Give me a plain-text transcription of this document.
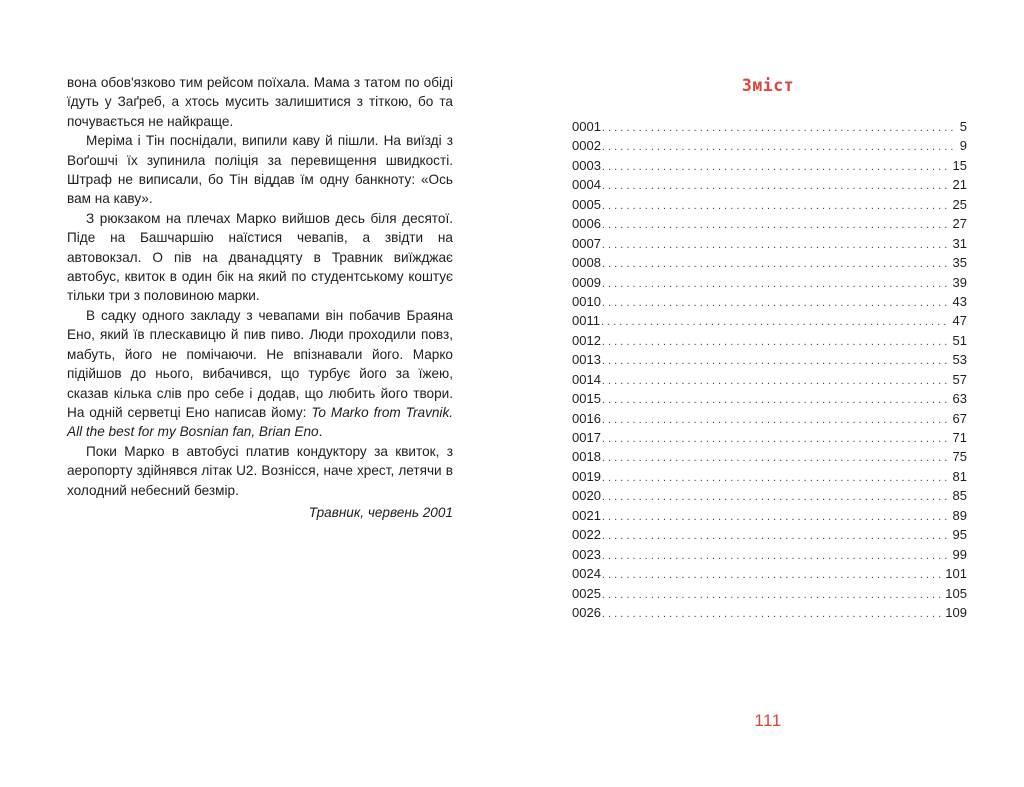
вона обов'язково тим рейсом поїхала. Мама з татом по обіді їдуть у Заґреб, а хтось мусить залишитися з тіткою, бо та почувається не найкраще.

Меріма і Тін поснідали, випили каву й пішли. На виїзді з Воґошчі їх зупинила поліція за перевищення швидкості. Штраф не виписали, бо Тін віддав їм одну банкноту: «Ось вам на каву».

З рюкзаком на плечах Марко вийшов десь біля десятої. Піде на Башчаршію наїстися чевапів, а звідти на автовокзал. О пів на дванадцяту в Травник виїжджає автобус, квиток в один бік на який по студентському коштує тільки три з половиною марки.

В садку одного закладу з чевапами він побачив Браяна Ено, який їв плескавицю й пив пиво. Люди проходили повз, мабуть, його не помічаючи. Не впізнавали його. Марко підійшов до нього, вибачився, що турбує його за їжею, сказав кілька слів про себе і додав, що любить його твори. На одній серветці Ено написав йому: To Marko from Travnik. All the best for my Bosnian fan, Brian Eno.

Поки Марко в автобусі платив кондуктору за квиток, з аеропорту здійнявся літак U2. Вознісся, наче хрест, летячи в холодний небесний безмір.

Травник, червень 2001
Зміст
0001 . . .	5
0002 . . .	9
0003 . . .	15
0004 . . .	21
0005 . . .	25
0006 . . .	27
0007 . . .	31
0008 . . .	35
0009 . . .	39
0010 . . .	43
0011 . . .	47
0012 . . .	51
0013 . . .	53
0014 . . .	57
0015 . . .	63
0016 . . .	67
0017 . . .	71
0018 . . .	75
0019 . . .	81
0020 . . .	85
0021 . . .	89
0022 . . .	95
0023 . . .	99
0024 . . .	101
0025 . . .	105
0026 . . .	109
111
